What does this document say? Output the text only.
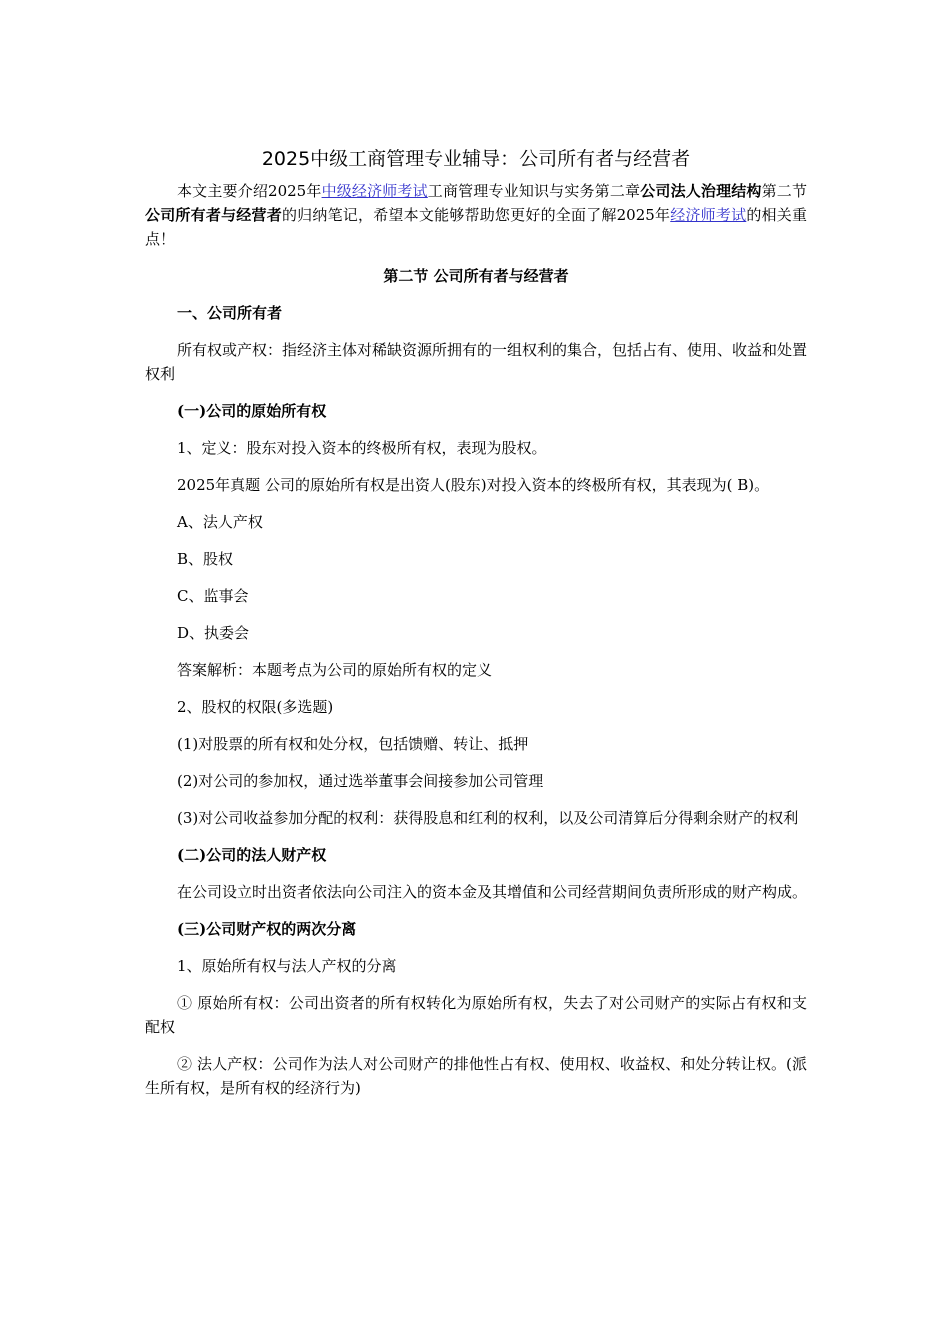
2025中级工商管理专业辅导：公司所有者与经营者

本文主要介绍2025年中级经济师考试工商管理专业知识与实务第二章公司法人治理结构第二节公司所有者与经营者的归纳笔记，希望本文能够帮助您更好的全面了解2025年经济师考试的相关重点！

第二节 公司所有者与经营者

一、公司所有者

所有权或产权：指经济主体对稀缺资源所拥有的一组权利的集合，包括占有、使用、收益和处置权利

(一)公司的原始所有权

1、定义：股东对投入资本的终极所有权，表现为股权。

2025年真题 公司的原始所有权是出资人(股东)对投入资本的终极所有权，其表现为( B)。

A、法人产权

B、股权

C、监事会

D、执委会

答案解析：本题考点为公司的原始所有权的定义

2、股权的权限(多选题)

(1)对股票的所有权和处分权，包括馈赠、转让、抵押

(2)对公司的参加权，通过选举董事会间接参加公司管理

(3)对公司收益参加分配的权利：获得股息和红利的权利，以及公司清算后分得剩余财产的权利

(二)公司的法人财产权

在公司设立时出资者依法向公司注入的资本金及其增值和公司经营期间负责所形成的财产构成。

(三)公司财产权的两次分离

1、原始所有权与法人产权的分离

① 原始所有权：公司出资者的所有权转化为原始所有权，失去了对公司财产的实际占有权和支配权

② 法人产权：公司作为法人对公司财产的排他性占有权、使用权、收益权、和处分转让权。(派生所有权，是所有权的经济行为)
